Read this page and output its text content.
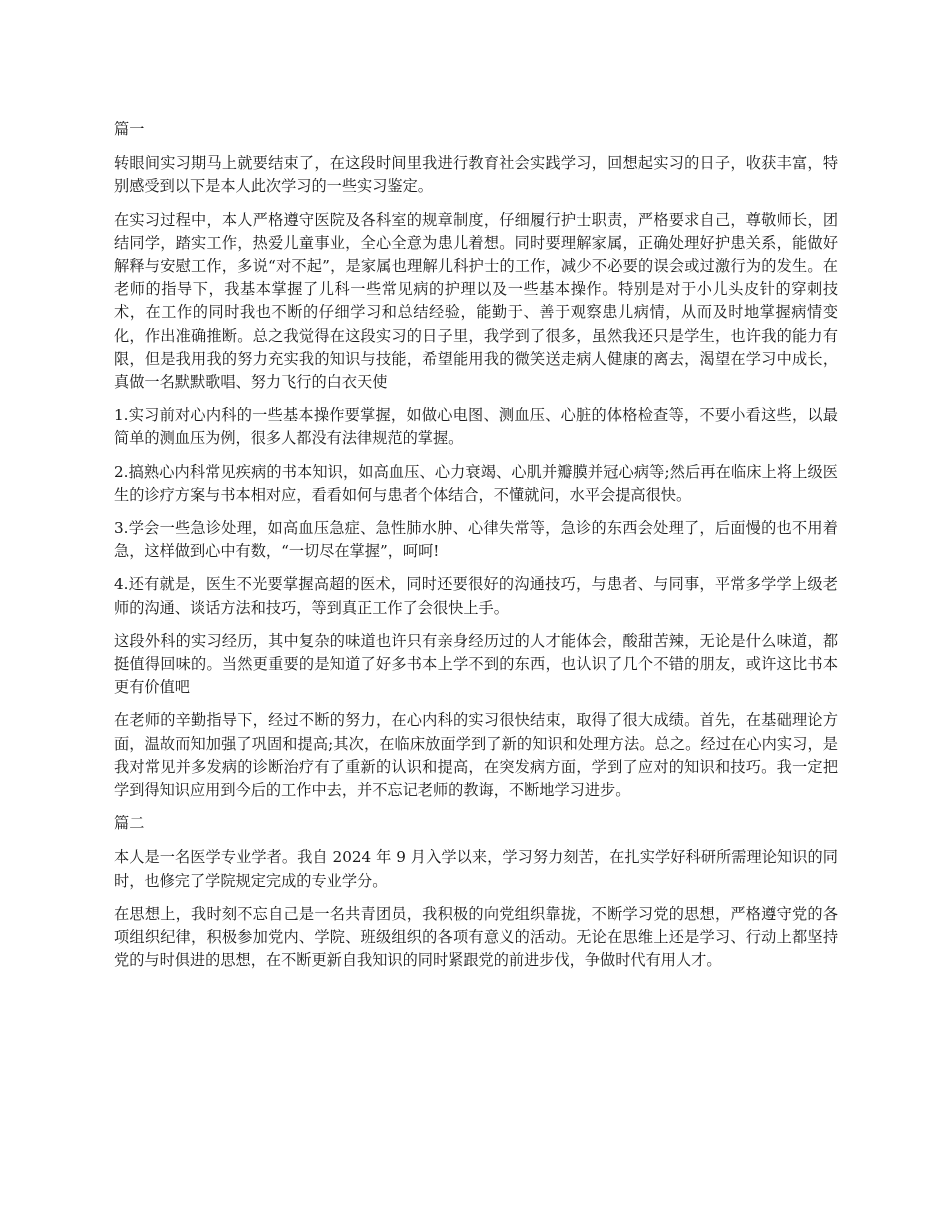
篇一

转眼间实习期马上就要结束了，在这段时间里我进行教育社会实践学习，回想起实习的日子，收获丰富，特别感受到以下是本人此次学习的一些实习鉴定。

在实习过程中，本人严格遵守医院及各科室的规章制度，仔细履行护士职责，严格要求自己，尊敬师长，团结同学，踏实工作，热爱儿童事业，全心全意为患儿着想。同时要理解家属，正确处理好护患关系，能做好解释与安慰工作，多说“对不起”，是家属也理解儿科护士的工作，减少不必要的误会或过激行为的发生。在老师的指导下，我基本掌握了儿科一些常见病的护理以及一些基本操作。特别是对于小儿头皮针的穿刺技术，在工作的同时我也不断的仔细学习和总结经验，能勤于、善于观察患儿病情，从而及时地掌握病情变化，作出准确推断。总之我觉得在这段实习的日子里，我学到了很多，虽然我还只是学生，也许我的能力有限，但是我用我的努力充实我的知识与技能，希望能用我的微笑送走病人健康的离去，渴望在学习中成长，真做一名默默歌唱、努力飞行的白衣天使

1.实习前对心内科的一些基本操作要掌握，如做心电图、测血压、心脏的体格检查等，不要小看这些，以最简单的测血压为例，很多人都没有法律规范的掌握。

2.搞熟心内科常见疾病的书本知识，如高血压、心力衰竭、心肌并瓣膜并冠心病等;然后再在临床上将上级医生的诊疗方案与书本相对应，看看如何与患者个体结合，不懂就问，水平会提高很快。

3.学会一些急诊处理，如高血压急症、急性肺水肿、心律失常等，急诊的东西会处理了，后面慢的也不用着急，这样做到心中有数，“一切尽在掌握”，呵呵!

4.还有就是，医生不光要掌握高超的医术，同时还要很好的沟通技巧，与患者、与同事，平常多学学上级老师的沟通、谈话方法和技巧，等到真正工作了会很快上手。

这段外科的实习经历，其中复杂的味道也许只有亲身经历过的人才能体会，酸甜苦辣，无论是什么味道，都挺值得回味的。当然更重要的是知道了好多书本上学不到的东西，也认识了几个不错的朋友，或许这比书本更有价值吧

在老师的辛勤指导下，经过不断的努力，在心内科的实习很快结束，取得了很大成绩。首先，在基础理论方面，温故而知加强了巩固和提高;其次，在临床放面学到了新的知识和处理方法。总之。经过在心内实习，是我对常见并多发病的诊断治疗有了重新的认识和提高，在突发病方面，学到了应对的知识和技巧。我一定把学到得知识应用到今后的工作中去，并不忘记老师的教诲，不断地学习进步。

篇二

本人是一名医学专业学者。我自 2024 年 9 月入学以来，学习努力刻苦，在扎实学好科研所需理论知识的同时，也修完了学院规定完成的专业学分。

在思想上，我时刻不忘自己是一名共青团员，我积极的向党组织靠拢，不断学习党的思想，严格遵守党的各项组织纪律，积极参加党内、学院、班级组织的各项有意义的活动。无论在思维上还是学习、行动上都坚持党的与时俱进的思想，在不断更新自我知识的同时紧跟党的前进步伐，争做时代有用人才。
